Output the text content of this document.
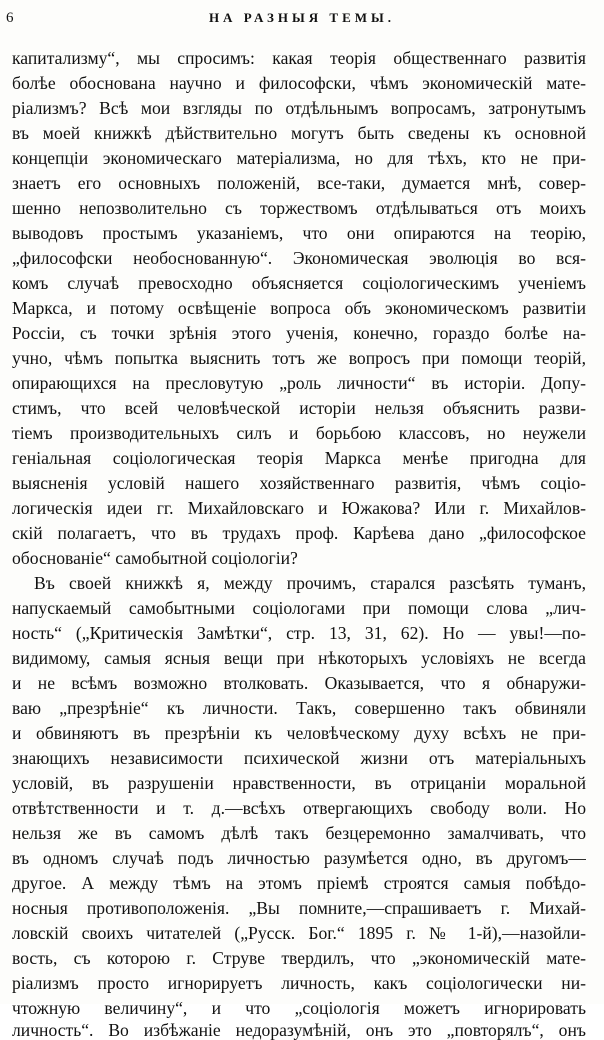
6	НА РАЗНЫЯ ТЕМЫ.
капитализму“, мы спросимъ: какая теорія общественнаго развитія
болѣе обоснована научно и философски, чѣмъ экономическій мате-
ріализмъ? Всѣ мои взгляды по отдѣльнымъ вопросамъ, затронутымъ
въ моей книжкѣ дѣйствительно могутъ быть сведены къ основной
концепціи экономическаго матеріализма, но для тѣхъ, кто не при-
знаетъ его основныхъ положеній, все-таки, думается мнѣ, совер-
шенно непозволительно съ торжествомъ отдѣлываться отъ моихъ
выводовъ простымъ указаніемъ, что они опираются на теорію,
„философски необоснованную“. Экономическая эволюція во вся-
комъ случаѣ превосходно объясняется соціологическимъ ученіемъ
Маркса, и потому освѣщеніе вопроса объ экономическомъ развитіи
Россіи, съ точки зрѣнія этого ученія, конечно, гораздо болѣе на-
учно, чѣмъ попытка выяснить тотъ же вопросъ при помощи теорій,
опирающихся на пресловутую „роль личности“ въ исторіи. Допу-
стимъ, что всей человѣческой исторіи нельзя объяснить разви-
тіемъ производительныхъ силъ и борьбою классовъ, но неужели
геніальная соціологическая теорія Маркса менѣе пригодна для
выясненія условій нашего хозяйственнаго развитія, чѣмъ соціо-
логическія идеи гг. Михайловскаго и Южакова? Или г. Михайлов-
скій полагаетъ, что въ трудахъ проф. Карѣева дано „философское
обоснованіе“ самобытной соціологіи?
Въ своей книжкѣ я, между прочимъ, старался разсѣять туманъ,
напускаемый самобытными соціологами при помощи слова „лич-
ность“ („Критическія Замѣтки“, стр. 13, 31, 62). Но — увы!—по-
видимому, самыя ясныя вещи при нѣкоторыхъ условіяхъ не всегда
и не всѣмъ возможно втолковать. Оказывается, что я обнаружи-
ваю „презрѣніе“ къ личности. Такъ, совершенно такъ обвиняли
и обвиняютъ въ презрѣніи къ человѣческому духу всѣхъ не при-
знающихъ независимости психической жизни отъ матеріальныхъ
условій, въ разрушеніи нравственности, въ отрицаніи моральной
отвѣтственности и т. д.—всѣхъ отвергающихъ свободу воли. Но
нельзя же въ самомъ дѣлѣ такъ безцеремонно замалчивать, что
въ одномъ случаѣ подъ личностью разумѣется одно, въ другомъ—
другое. А между тѣмъ на этомъ пріемѣ строятся самыя побѣдо-
носныя противоположенія. „Вы помните,—спрашиваетъ г. Михай-
ловскій своихъ читателей („Русск. Бог.“ 1895 г. № 1-й),—назойли-
вость, съ которою г. Струве твердилъ, что „экономическій мате-
ріализмъ просто игнорируетъ личность, какъ соціологически ни-
чтожную величину“, и что „соціологія можетъ игнорировать
личность“. Во избѣжаніе недоразумѣній, онъ это „повторялъ“, онъ
